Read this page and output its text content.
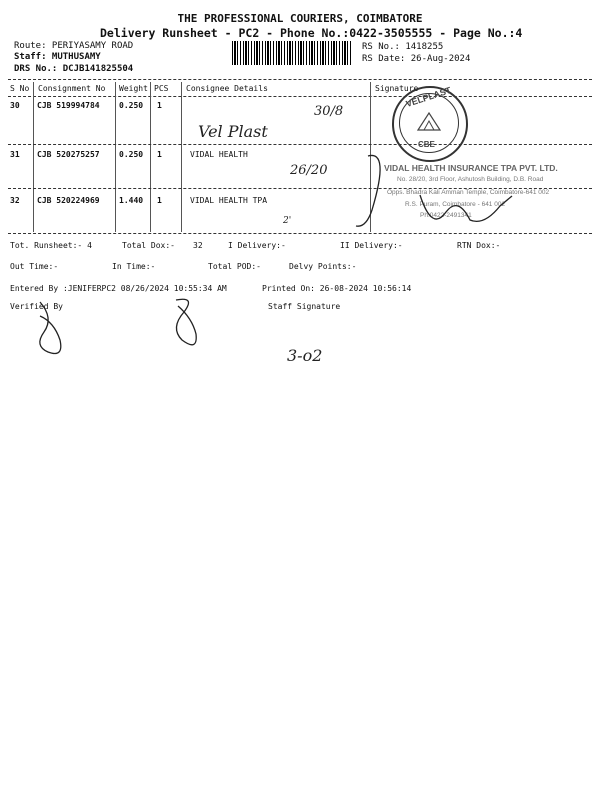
THE PROFESSIONAL COURIERS, COIMBATORE
Delivery Runsheet - PC2 - Phone No.:0422-3505555 - Page No.:4
Route: PERIYASAMY ROAD
Staff: MUTHUSAMY
DRS No.: DCJB141825504
RS No.: 1418255
RS Date: 26-Aug-2024
S No Consignment No Weight PCS Consignee Details	Signature
30 CJB 519994784 0.250 1
31 CJB 520275257 0.250 1	VIDAL HEALTH
32 CJB 520224969 1.440 1	VIDAL HEALTH TPA
Tot. Runsheet:- 4	Total Dox:- 32	I Delivery:-	II Delivery:-	RTN Dox:-
Out Time:-	In Time:-	Total POD:-	Delvy Points:-
Entered By :JENIFERPC2 08/26/2024 10:55:34 AM	Printed On: 26-08-2024 10:56:14
Verified By	Staff Signature
VELPLAST
CBE
VIDAL HEALTH INSURANCE TPA PVT. LTD.
No. 28/20, 3rd Floor, Ashutosh Building, D.B. Road
Opps. Bhadra Kali Amman Temple, Coimbatore-641 002
R.S. Puram, Coimbatore - 641 002
Ph:0422-2491341
30/8
Vel Plast
26/20
2'
3-o2
